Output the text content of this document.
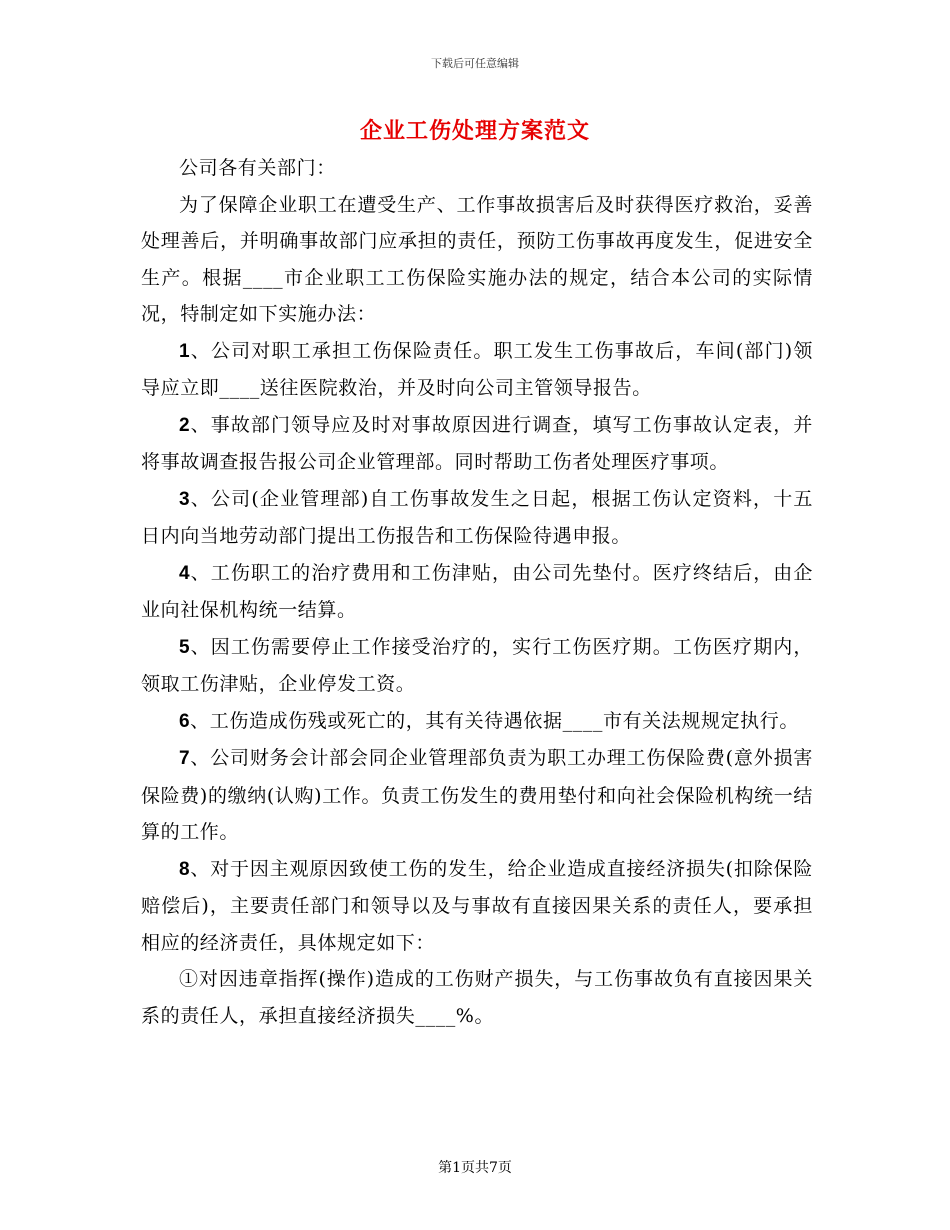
下载后可任意编辑
企业工伤处理方案范文

公司各有关部门：

为了保障企业职工在遭受生产、工作事故损害后及时获得医疗救治，妥善处理善后，并明确事故部门应承担的责任，预防工伤事故再度发生，促进安全生产。根据____市企业职工工伤保险实施办法的规定，结合本公司的实际情况，特制定如下实施办法：

1、公司对职工承担工伤保险责任。职工发生工伤事故后，车间(部门)领导应立即____送往医院救治，并及时向公司主管领导报告。

2、事故部门领导应及时对事故原因进行调查，填写工伤事故认定表，并将事故调查报告报公司企业管理部。同时帮助工伤者处理医疗事项。

3、公司(企业管理部)自工伤事故发生之日起，根据工伤认定资料，十五日内向当地劳动部门提出工伤报告和工伤保险待遇申报。

4、工伤职工的治疗费用和工伤津贴，由公司先垫付。医疗终结后，由企业向社保机构统一结算。

5、因工伤需要停止工作接受治疗的，实行工伤医疗期。工伤医疗期内，领取工伤津贴，企业停发工资。

6、工伤造成伤残或死亡的，其有关待遇依据____市有关法规规定执行。

7、公司财务会计部会同企业管理部负责为职工办理工伤保险费(意外损害保险费)的缴纳(认购)工作。负责工伤发生的费用垫付和向社会保险机构统一结算的工作。

8、对于因主观原因致使工伤的发生，给企业造成直接经济损失(扣除保险赔偿后)，主要责任部门和领导以及与事故有直接因果关系的责任人，要承担相应的经济责任，具体规定如下：

①对因违章指挥(操作)造成的工伤财产损失，与工伤事故负有直接因果关系的责任人，承担直接经济损失____%。

第1页共7页
